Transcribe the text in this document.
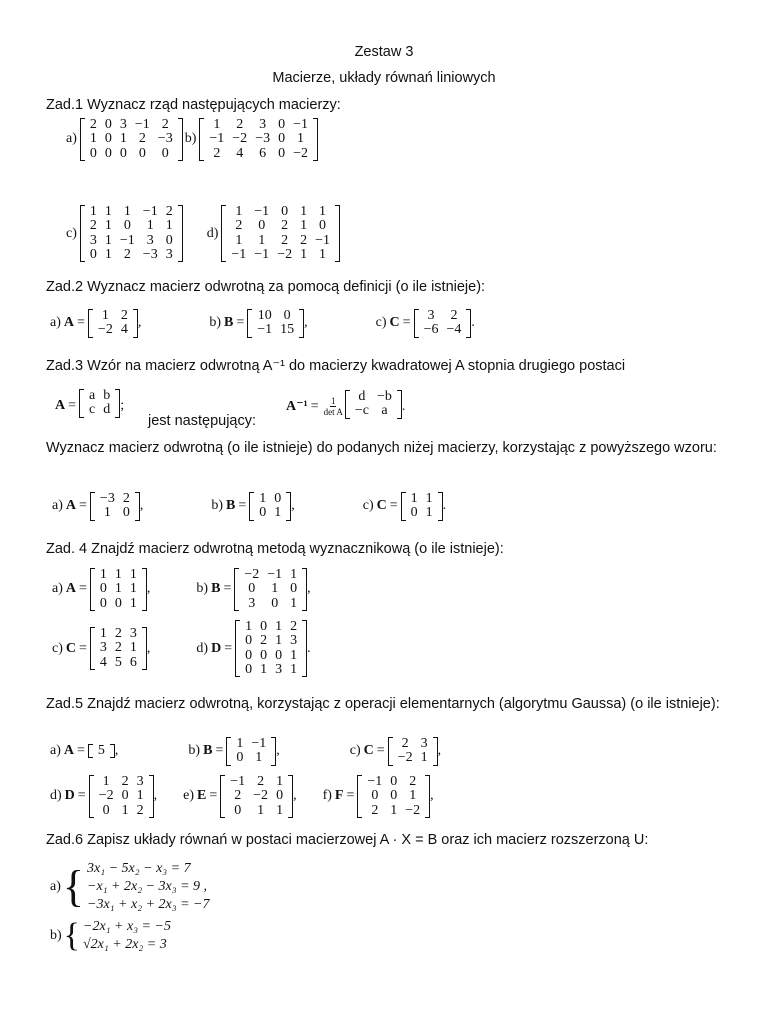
Zestaw 3
Macierze, układy równań liniowych
Zad.1 Wyznacz rząd następujących macierzy:
a)
2	0	3	−1	2
1	0	1	2	−3
0	0	0	0	0
b)
1	2	3	0	−1
−1	−2	−3	0	1
2	4	6	0	−2
c)
1	1	1	−1	2
2	1	0	1	1
3	1	−1	3	0
0	1	2	−3	3
d)
1	−1	0	1	1
2	0	2	1	0
1	1	2	2	−1
−1	−1	−2	1	1
Zad.2 Wyznacz macierz odwrotną za pomocą definicji (o ile istnieje):
a) A = 1	2
−2	4 ,	b) B = 10	0
−1	15 ,	c) C = 3	2
−6	−4 .
Zad.3 Wzór na macierz odwrotną A⁻¹ do macierzy kwadratowej A stopnia drugiego postaci
A =
a	b
c	d ;
jest następujący:
$A^{-1} = \frac{1}{\text{det A}}$ d	−b
−c	a .
Wyznacz macierz odwrotną (o ile istnieje) do podanych niżej macierzy, korzystając z powyższego wzoru:
a) A = −3	2
1	0 ,	b) B = 1	0
0	1 ,	c) C = 1	1
0	1 .
Zad. 4 Znajdź macierz odwrotną metodą wyznacznikową (o ile istnieje):
a) A =
1	1	1
0	1	1
0	0	1
,	b) B =
−2	−1	1
0	1	0
3	0	1
,
c) C =
1	2	3
3	2	1
4	5	6
,	d) D =
1	0	1	2
0	2	1	3
0	0	0	1
0	1	3	1
.
Zad.5 Znajdź macierz odwrotną, korzystając z operacji elementarnych (algorytmu Gaussa) (o ile istnieje):
a) A = 5 ,	b) B = 1	−1
0	1 ,	c) C = 2	3
−2	1 ,
d) D =
1	2	3
−2	0	1
0	1	2
, e) E =
−1	2	1
2	−2	0
0	1	1
, f) F =
−1	0	2
0	0	1
2	1	−2
,
Zad.6 Zapisz układy równań w postaci macierzowej A · X = B oraz ich macierz rozszerzoną U:
a) { 3x₁ − 5x₂ − x₃ = 7
−x₁ + 2x₂ − 3x₃ = 9 ,
−3x₁ + x₂ + 2x₃ = −7
b) { −2x₁ + x₃ = −5
√2x₁ + 2x₂ = 3
